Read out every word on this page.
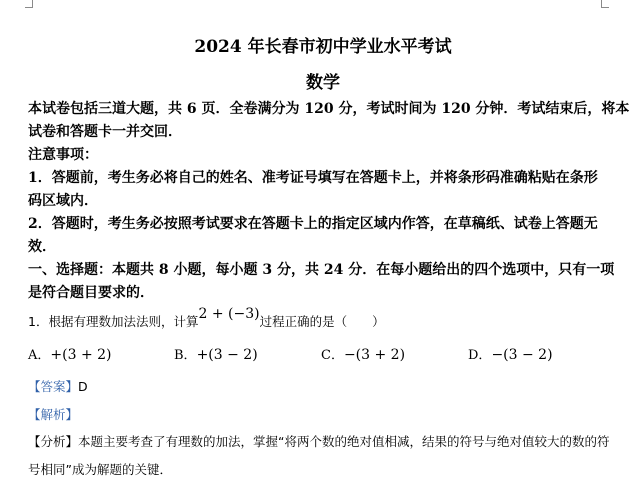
2024 年长春市初中学业水平考试
数学
本试卷包括三道大题，共 6 页．全卷满分为 120 分，考试时间为 120 分钟．考试结束后，将本
试卷和答题卡一并交回．
注意事项：
1．答题前，考生务必将自己的姓名、准考证号填写在答题卡上，并将条形码准确粘贴在条形
码区域内．
2．答题时，考生务必按照考试要求在答题卡上的指定区域内作答，在草稿纸、试卷上答题无
效．
一、选择题：本题共 8 小题，每小题 3 分，共 24 分．在每小题给出的四个选项中，只有一项
是符合题目要求的．
1．根据有理数加法法则，计算2 + (−3)过程正确的是（　　）
A．+(3 + 2)	B．+(3 − 2)	C．−(3 + 2)	D．−(3 − 2)
【答案】D
【解析】
【分析】本题主要考查了有理数的加法，掌握“将两个数的绝对值相减，结果的符号与绝对值较大的数的符
号相同”成为解题的关键．
